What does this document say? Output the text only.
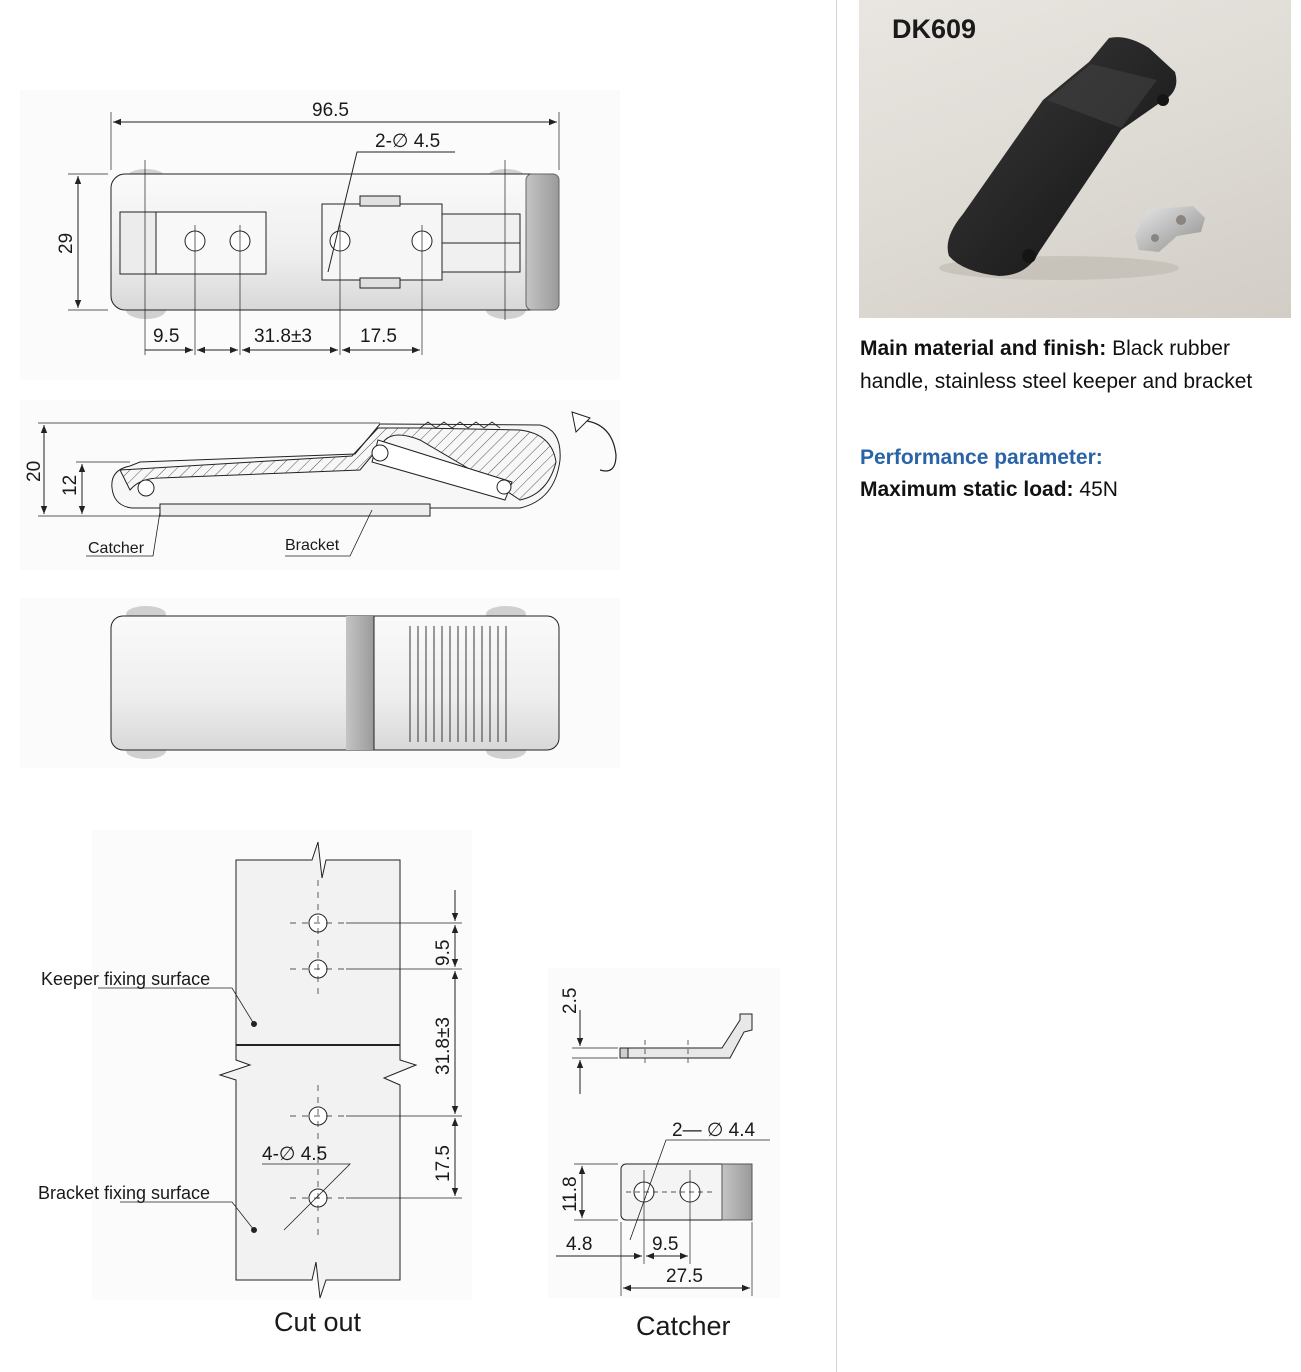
96.5
2-∅ 4.5
29
9.5	31.8±3	17.5
20
12
Catcher	Bracket
Keeper fixing surface
Bracket fixing surface
4-∅ 4.5
9.5
31.8±3
17.5
2.5
2— ∅ 4.4
11.8
4.8	9.5
27.5
Cut out	Catcher
DK609
Main material and finish: Black rubber
handle, stainless steel keeper and bracket
Performance parameter:
Maximum static load: 45N
